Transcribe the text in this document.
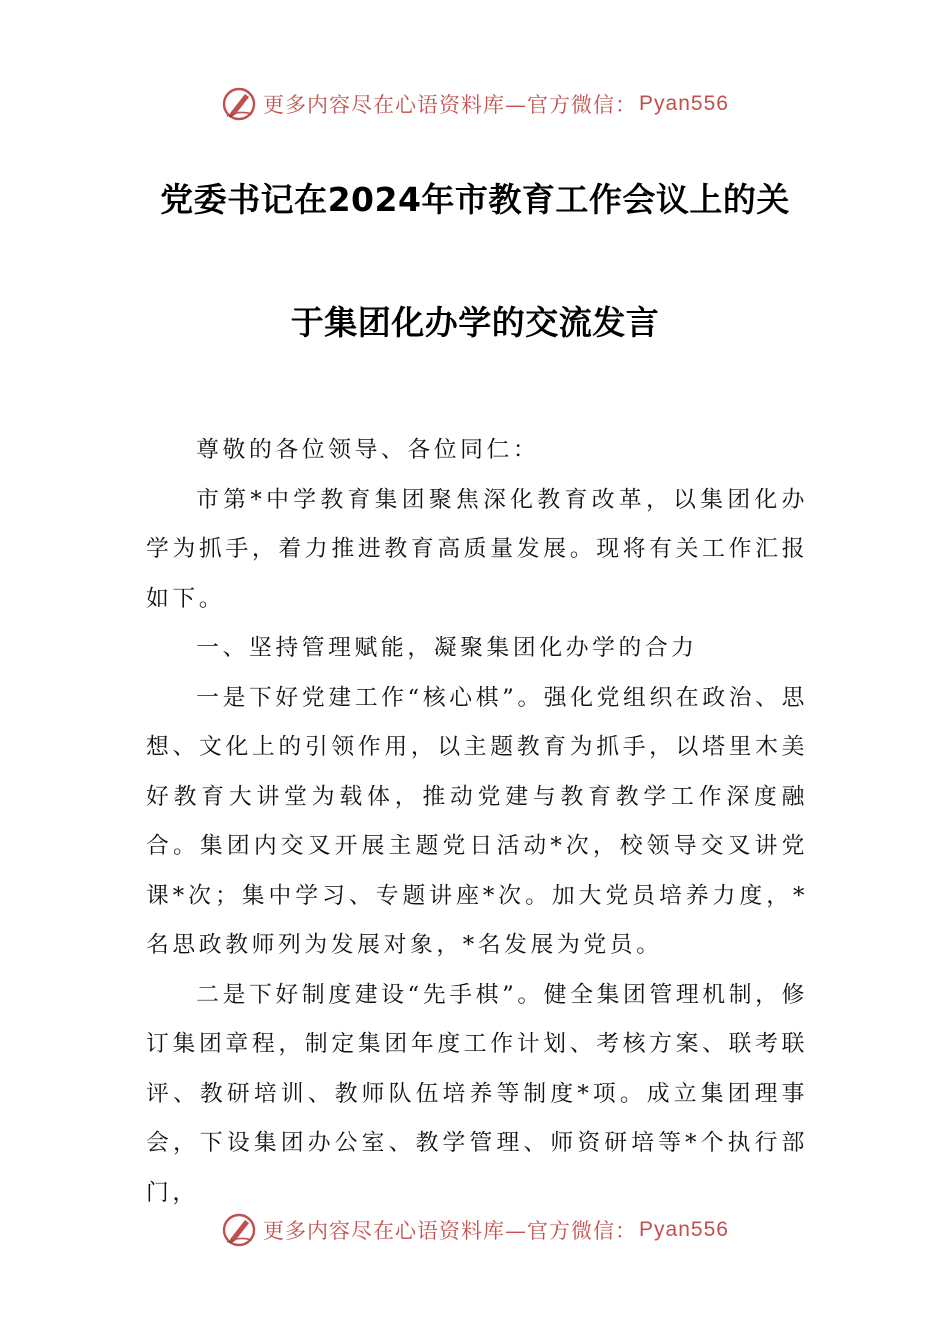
更多内容尽在心语资料库—官方微信： Pyan556
党委书记在2024年市教育工作会议上的关
于集团化办学的交流发言

尊敬的各位领导、各位同仁：

市第*中学教育集团聚焦深化教育改革，以集团化办学为抓手，着力推进教育高质量发展。现将有关工作汇报如下。

一、坚持管理赋能，凝聚集团化办学的合力

一是下好党建工作“核心棋”。强化党组织在政治、思想、文化上的引领作用，以主题教育为抓手，以塔里木美好教育大讲堂为载体，推动党建与教育教学工作深度融合。集团内交叉开展主题党日活动*次，校领导交叉讲党课*次；集中学习、专题讲座*次。加大党员培养力度，*名思政教师列为发展对象，*名发展为党员。

二是下好制度建设“先手棋”。健全集团管理机制，修订集团章程，制定集团年度工作计划、考核方案、联考联评、教研培训、教师队伍培养等制度*项。成立集团理事会，下设集团办公室、教学管理、师资研培等*个执行部门，

更多内容尽在心语资料库—官方微信： Pyan556
